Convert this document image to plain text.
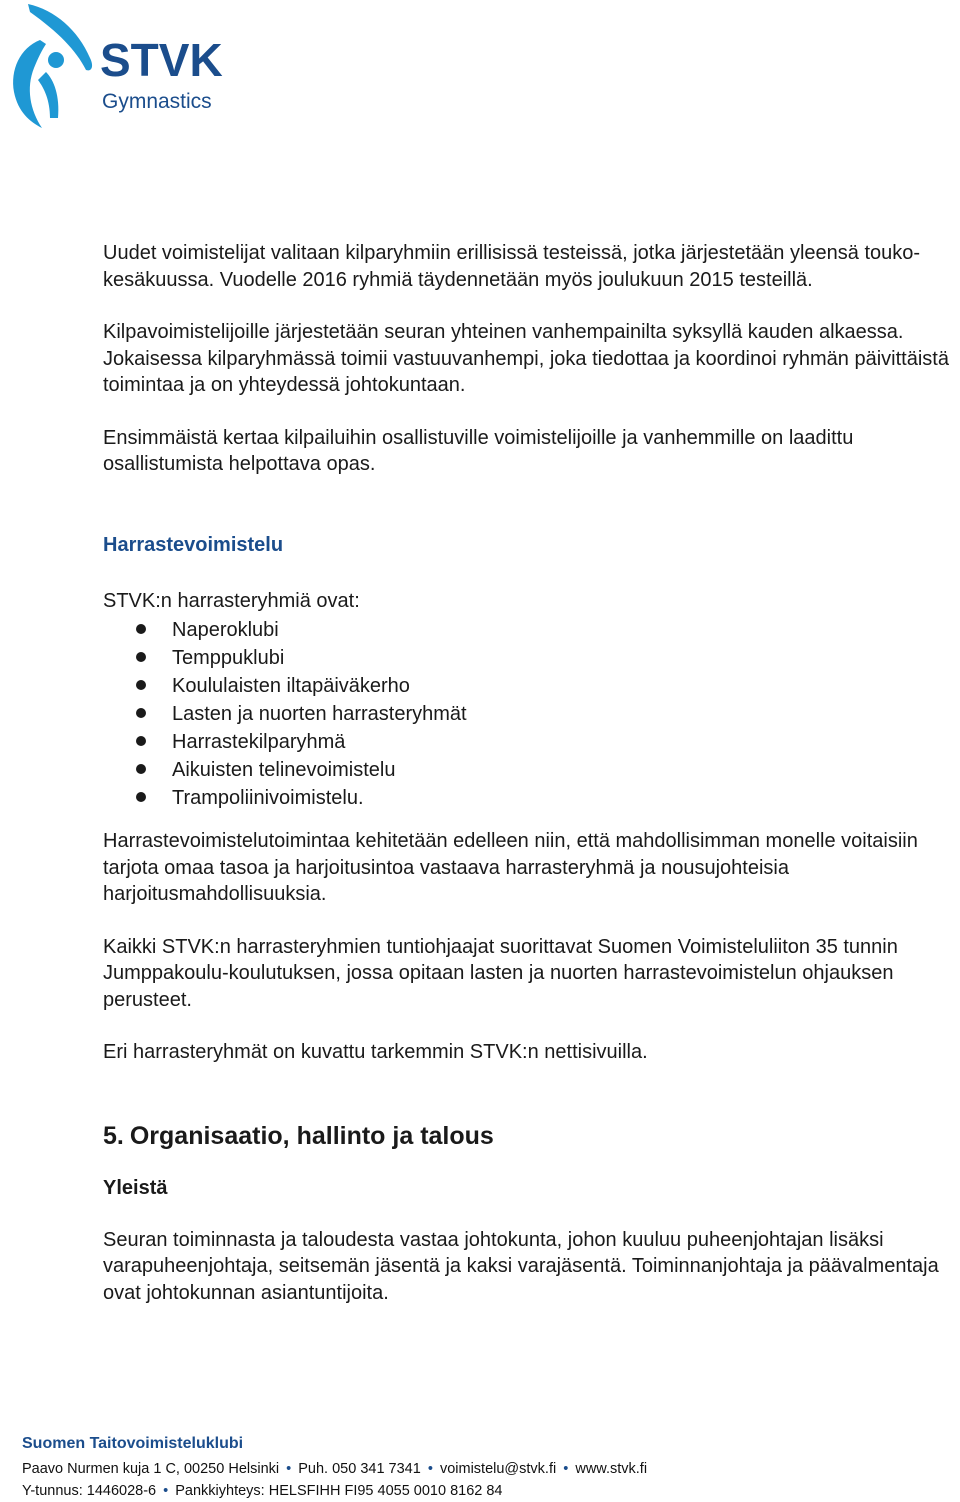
STVK
Gymnastics

Uudet voimistelijat valitaan kilparyhmiin erillisissä testeissä, jotka järjestetään yleensä touko-kesäkuussa. Vuodelle 2016 ryhmiä täydennetään myös joulukuun 2015 testeillä.

Kilpavoimistelijoille järjestetään seuran yhteinen vanhempainilta syksyllä kauden alkaessa. Jokaisessa kilparyhmässä toimii vastuuvanhempi, joka tiedottaa ja koordinoi ryhmän päivittäistä toimintaa ja on yhteydessä johtokuntaan.

Ensimmäistä kertaa kilpailuihin osallistuville voimistelijoille ja vanhemmille on laadittu osallistumista helpottava opas.

Harrastevoimistelu

STVK:n harrasteryhmiä ovat:

Naperoklubi
Temppuklubi
Koululaisten iltapäiväkerho
Lasten ja nuorten harrasteryhmät
Harrastekilparyhmä
Aikuisten telinevoimistelu
Trampoliinivoimistelu.

Harrastevoimistelutoimintaa kehitetään edelleen niin, että mahdollisimman monelle voitaisiin tarjota omaa tasoa ja harjoitusintoa vastaava harrasteryhmä ja nousujohteisia harjoitusmahdollisuuksia.

Kaikki STVK:n harrasteryhmien tuntiohjaajat suorittavat Suomen Voimisteluliiton 35 tunnin Jumppakoulu-koulutuksen, jossa opitaan lasten ja nuorten harrastevoimistelun ohjauksen perusteet.

Eri harrasteryhmät on kuvattu tarkemmin STVK:n nettisivuilla.

5. Organisaatio, hallinto ja talous
Yleistä

Seuran toiminnasta ja taloudesta vastaa johtokunta, johon kuuluu puheenjohtajan lisäksi varapuheenjohtaja, seitsemän jäsentä ja kaksi varajäsentä. Toiminnanjohtaja ja päävalmentaja ovat johtokunnan asiantuntijoita.

Suomen Taitovoimisteluklubi
Paavo Nurmen kuja 1 C, 00250 Helsinki • Puh. 050 341 7341 • voimistelu@stvk.fi • www.stvk.fi
Y-tunnus: 1446028-6 • Pankkiyhteys: HELSFIHH FI95 4055 0010 8162 84
